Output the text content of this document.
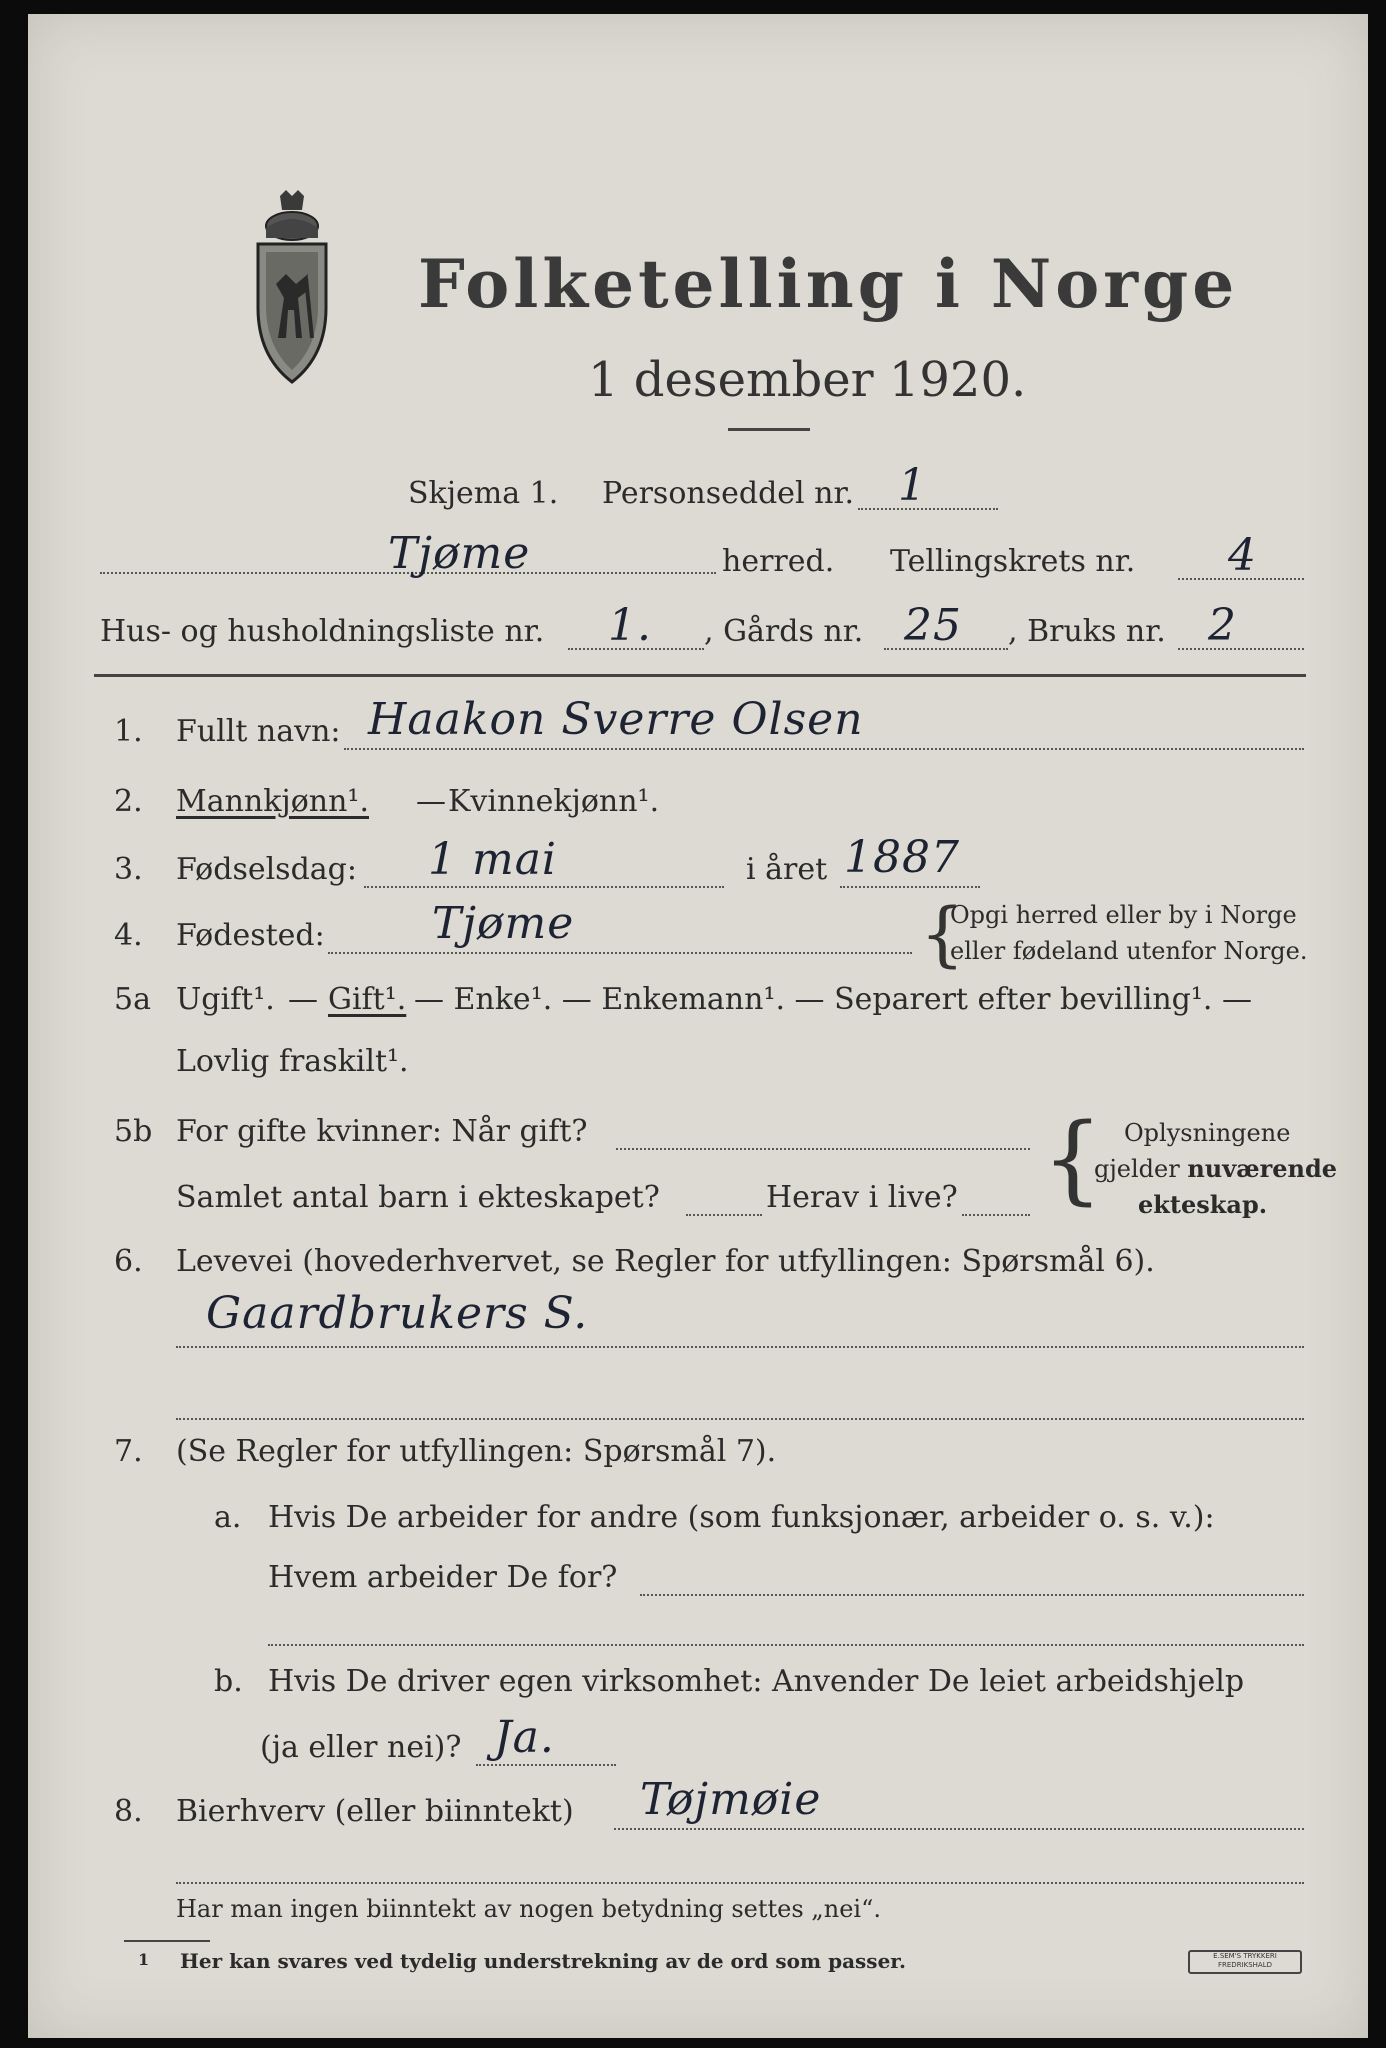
Folketelling i Norge
1 desember 1920.
Skjema 1. Personseddel nr. 1
Tjøme	herred. Tellingskrets nr. 4
Hus- og husholdningsliste nr. 1. , Gårds nr. 25 , Bruks nr. 2
1. Fullt navn: Haakon Sverre Olsen
2. Mannkjønn¹. — Kvinnekjønn¹.
3. Fødselsdag: 1 mai	i året 1887
4. Fødested: Tjøme	{
Opgi herred eller by i Norge
eller fødeland utenfor Norge.
5a Ugift¹. — Gift¹. — Enke¹. — Enkemann¹. — Separert efter bevilling¹. —
Lovlig fraskilt¹.
5b For gifte kvinner: Når gift?
Samlet antal barn i ekteskapet?	Herav i live? { Oplysningene
gjelder nuværende
ekteskap.
6. Levevei (hovederhvervet, se Regler for utfyllingen: Spørsmål 6).
Gaardbrukers S.
7. (Se Regler for utfyllingen: Spørsmål 7).
a. Hvis De arbeider for andre (som funksjonær, arbeider o. s. v.):
Hvem arbeider De for?
b. Hvis De driver egen virksomhet: Anvender De leiet arbeidshjelp
(ja eller nei)? Ja.
8. Bierhverv (eller biinntekt) Tøjmøie
Har man ingen biinntekt av nogen betydning settes „nei“.
1 Her kan svares ved tydelig understrekning av de ord som passer.	E.SEM'S TRYKKERI FREDRIKSHALD
